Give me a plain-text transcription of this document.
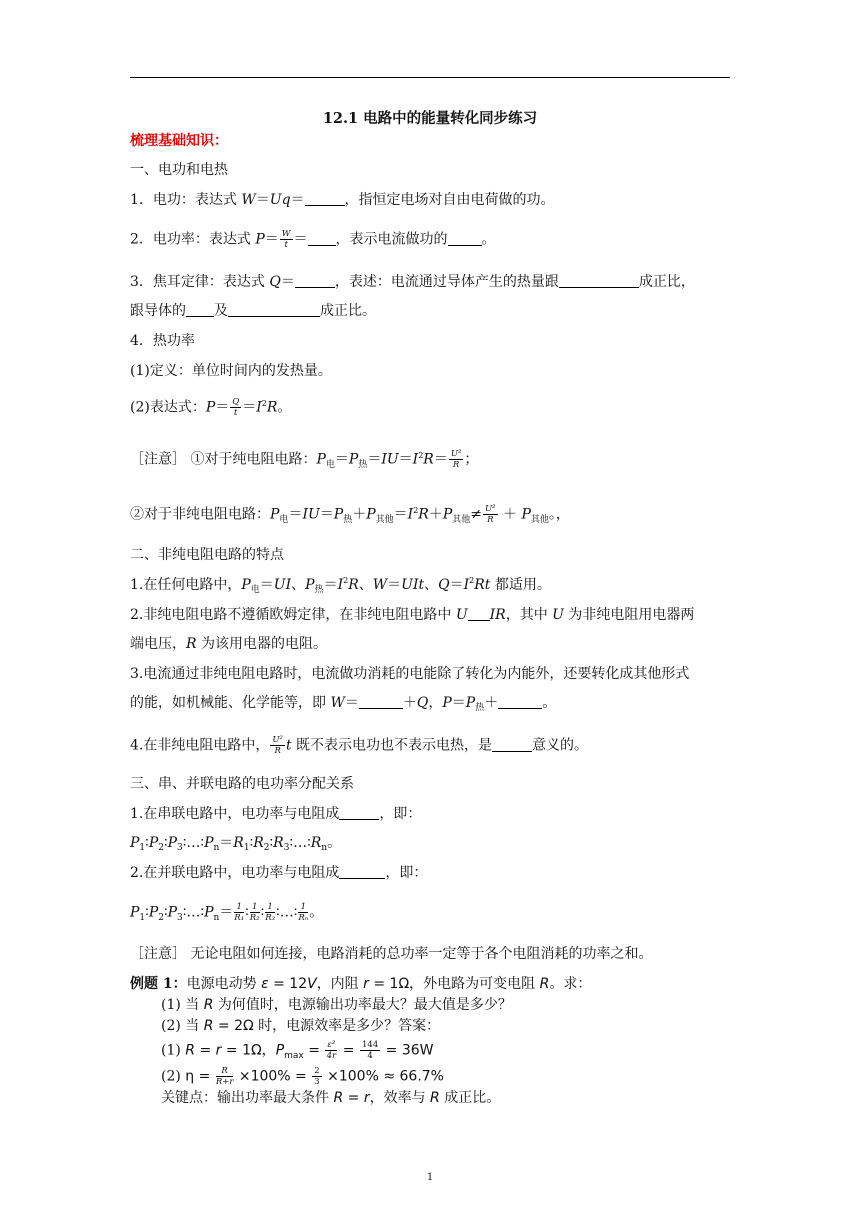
12.1 电路中的能量转化同步练习
梳理基础知识：
一、电功和电热
1．电功：表达式 W＝Uq＝	，指恒定电场对自由电荷做的功。
2．电功率：表达式 $P= \frac{W}{t}$ ＝ ，表示电流做功的 。
3．焦耳定律：表达式 Q＝	，表述：电流通过导体产生的热量跟	成正比，
跟导体的 及	成正比。
4．热功率
(1)定义：单位时间内的发热量。
(2)表达式：$P= \frac{Q}{t} =I^2R$。
［注意］ ①对于纯电阻电路：$P_电=P_热=IU=I^2R= \frac{\text{U²}}{R}$ ；
②对于非纯电阻电路：$P_电=IU=P_热+P_{其他}=I^2R+P_{其他}\ne \frac{\text{U²}}{R} + P_{其他}$。，
二、非纯电阻电路的特点
1.在任何电路中，$P_电=UI$、$P_热=I^2R$、W＝UIt、$Q=I^2Rt$ 都适用。
2.非纯电阻电路不遵循欧姆定律，在非纯电阻电路中 U IR，其中 U 为非纯电阻用电器两
端电压，R 为该用电器的电阻。
3.电流通过非纯电阻电路时，电流做功消耗的电能除了转化为内能外，还要转化成其他形式
的能，如机械能、化学能等，即 W＝	＋Q，$P=P_热+$	。
4.在非纯电阻电路中， $\frac{\text{U²}}{R}$ t 既不表示电功也不表示电热，是	意义的。
三、串、并联电路的电功率分配关系
1.在串联电路中，电功率与电阻成	，即：
$P_1∶P_2∶P_3∶\dots∶P_n=R_1∶R_2∶R_3∶\dots∶R_n$。
2.在并联电路中，电功率与电阻成	，即：
$P_1∶P_2∶P_3∶\dots∶P_n= \frac{1}{\text{R₁}}$ ∶ $\frac{1}{\text{R₂}}$ ∶ $\frac{1}{\text{R₃}}$ ∶…∶ $\frac{1}{\text{Rₙ}}$ 。
［注意］ 无论电阻如何连接，电路消耗的总功率一定等于各个电阻消耗的功率之和。
例题 1：电源电动势 ε = 12V，内阻 r = 1Ω，外电路为可变电阻 R。求：
(1) 当 R 为何值时，电源输出功率最大？最大值是多少？
(2) 当 R = 2Ω 时，电源效率是多少？答案：
(1) R = r = 1Ω，$P_{max} = \frac{\text{ε²}}{4r} = \frac{144}{4} = 36W$
(2) $\eta = \frac{R}{R+r} \times 100\% = \frac{2}{3} \times 100\% \approx 66.7\%$
关键点：输出功率最大条件 R = r，效率与 R 成正比。
1
